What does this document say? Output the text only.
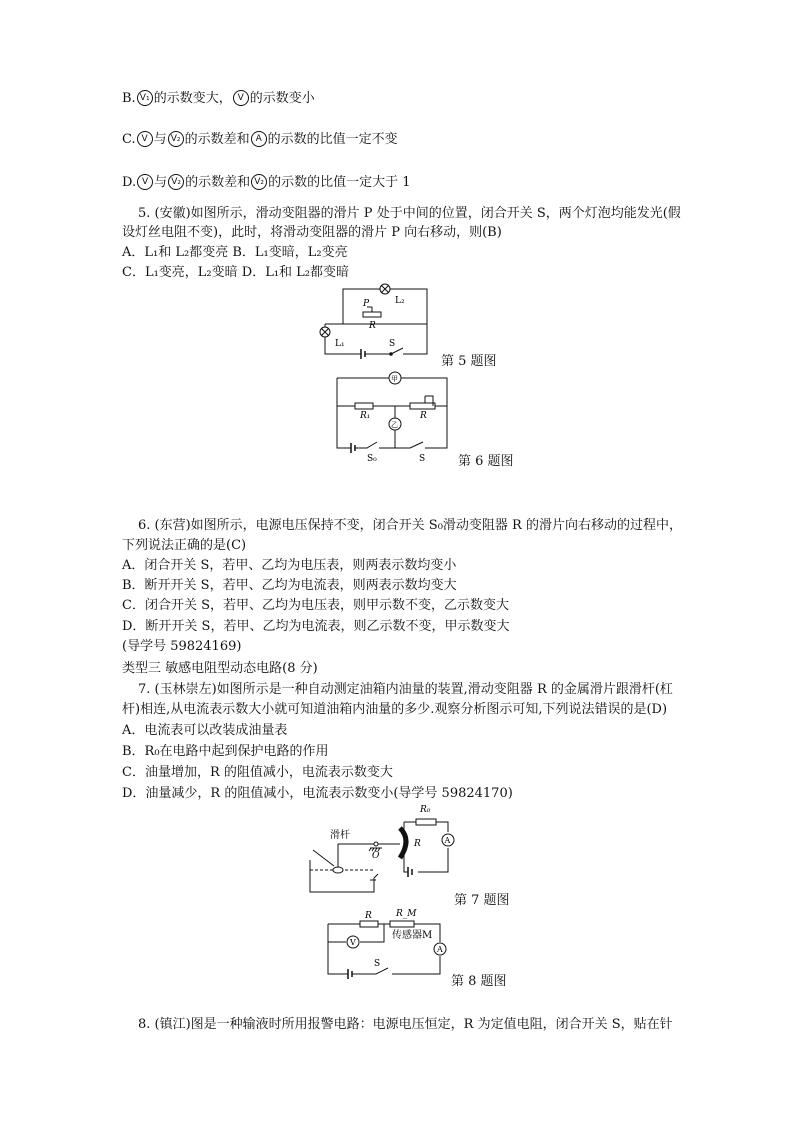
B. V₁ 的示数变大， V 的示数变小
C. V 与 V₂ 的示数差和 A 的示数的比值一定不变
D. V 与 V₂ 的示数差和 V₂ 的示数的比值一定大于 1
5. (安徽)如图所示，滑动变阻器的滑片 P 处于中间的位置，闭合开关 S，两个灯泡均能发光(假
设灯丝电阻不变)，此时，将滑动变阻器的滑片 P 向右移动，则(B)
A．L₁和 L₂都变亮 B．L₁变暗，L₂变亮
C．L₁变亮，L₂变暗 D．L₁和 L₂都变暗
L₂
P
R
L₁	S
第 5 题图
甲
乙
R₁	R
S₀	S	第 6 题图
6. (东营)如图所示，电源电压保持不变，闭合开关 S₀滑动变阻器 R 的滑片向右移动的过程中，
下列说法正确的是(C)
A．闭合开关 S，若甲、乙均为电压表，则两表示数均变小
B．断开开关 S，若甲、乙均为电流表，则两表示数均变大
C．闭合开关 S，若甲、乙均为电压表，则甲示数不变，乙示数变大
D．断开开关 S，若甲、乙均为电流表，则乙示数不变，甲示数变大
(导学号 59824169)
类型三 敏感电阻型动态电路(8 分)
7. (玉林崇左)如图所示是一种自动测定油箱内油量的装置,滑动变阻器 R 的金属滑片跟滑杆(杠
杆)相连,从电流表示数大小就可知道油箱内油量的多少.观察分析图示可知,下列说法错误的是(D)
A．电流表可以改装成油量表
B．R₀在电路中起到保护电路的作用
C．油量增加，R 的阻值减小，电流表示数变大
D．油量减少，R 的阻值减小，电流表示数变小(导学号 59824170)
滑杆
O
R
R₀
A
第 7 题图
R	R_M
传感器M
V
A
S
第 8 题图
8. (镇江)图是一种输液时所用报警电路：电源电压恒定，R 为定值电阻，闭合开关 S，贴在针
